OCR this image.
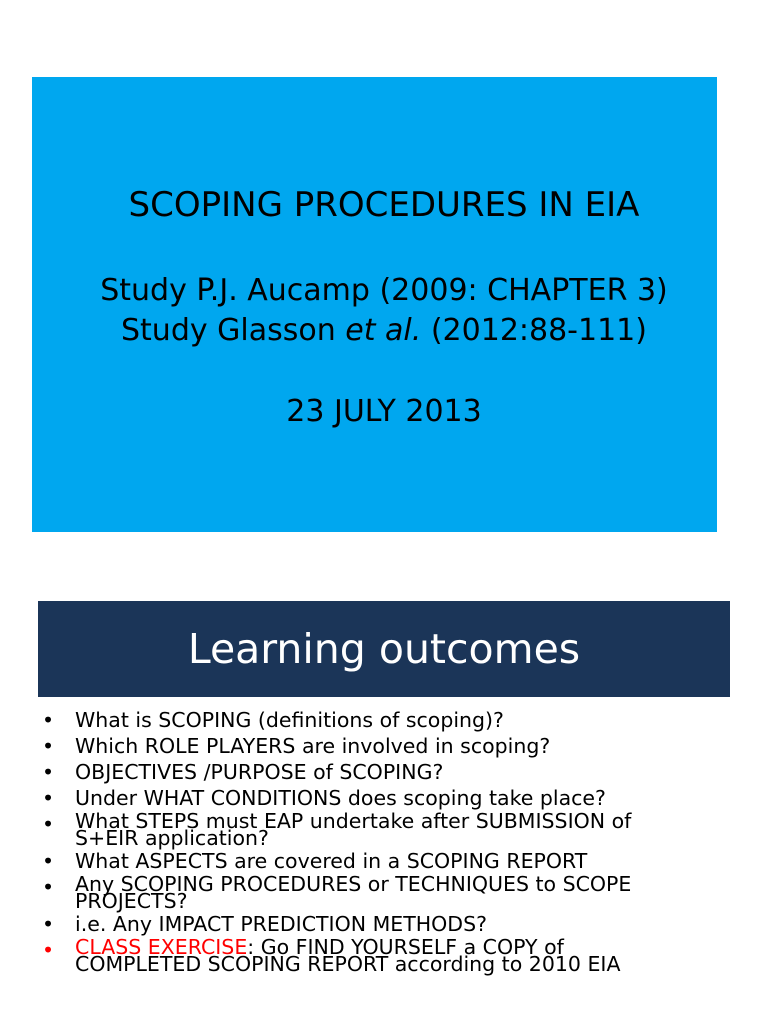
SCOPING PROCEDURES IN EIA
Study P.J. Aucamp (2009: CHAPTER 3)
Study Glasson et al. (2012:88-111)
23 JULY 2013
Learning outcomes
•	What is SCOPING (definitions of scoping)?
•	Which ROLE PLAYERS are involved in scoping?
•	OBJECTIVES /PURPOSE of SCOPING?
•	Under WHAT CONDITIONS does scoping take place?
•	What STEPS must EAP undertake after SUBMISSION of
S+EIR application?
•	What ASPECTS are covered in a SCOPING REPORT
•	Any SCOPING PROCEDURES or TECHNIQUES to SCOPE
PROJECTS?
•	i.e. Any IMPACT PREDICTION METHODS?
•	CLASS EXERCISE: Go FIND YOURSELF a COPY of
COMPLETED SCOPING REPORT according to 2010 EIA
